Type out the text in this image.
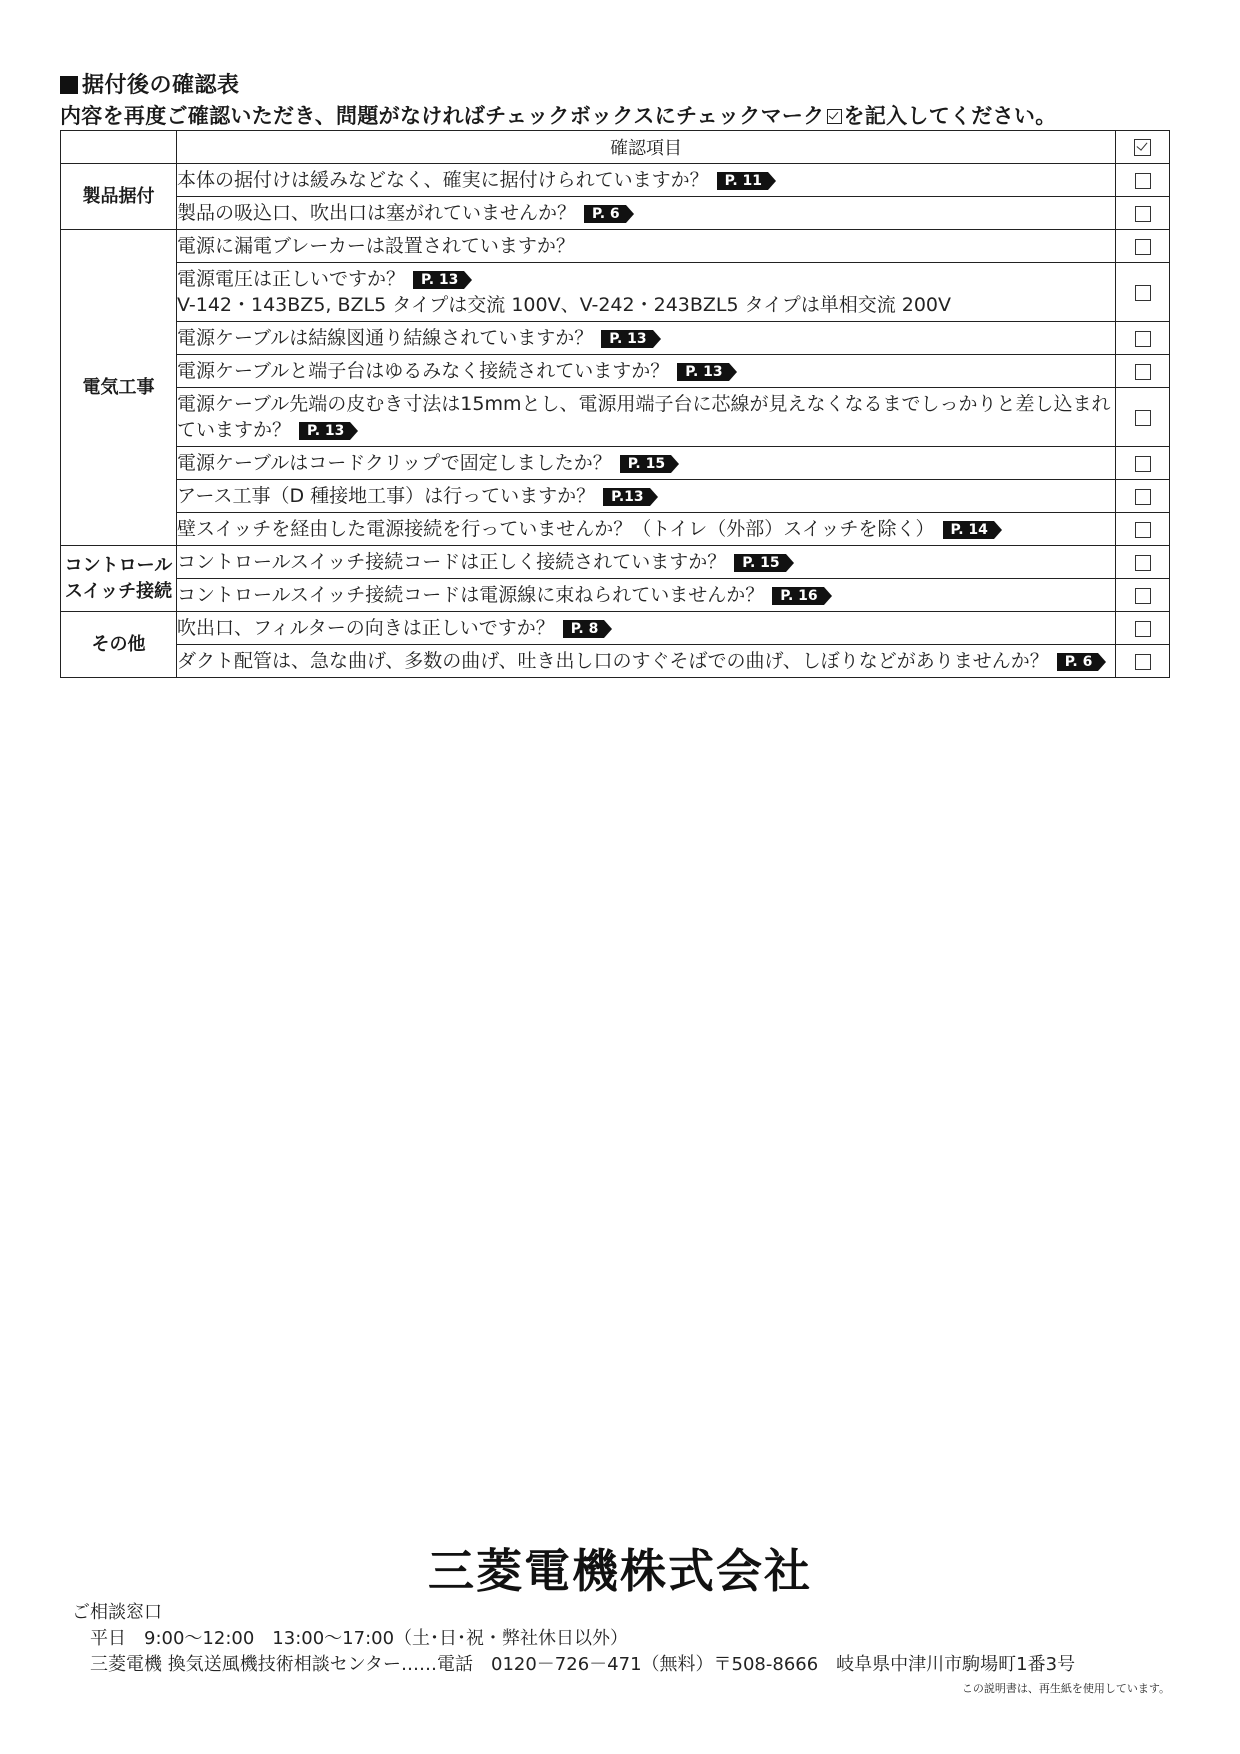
据付後の確認表
内容を再度ご確認いただき、問題がなければチェックボックスにチェックマーク を記入してください。
	確認項目	
製品据付	本体の据付けは緩みなどなく、確実に据付けられていますか？ P. 11	
	製品の吸込口、吹出口は塞がれていませんか？ P. 6	
電気工事	電源に漏電ブレーカーは設置されていますか？	
	電源電圧は正しいですか？ P. 13
V-142・143BZ5, BZL5 タイプは交流 100V、V-242・243BZL5 タイプは単相交流 200V	
	電源ケーブルは結線図通り結線されていますか？ P. 13	
	電源ケーブルと端子台はゆるみなく接続されていますか？ P. 13	
	電源ケーブル先端の皮むき寸法は15mmとし、電源用端子台に芯線が見えなくなるまでしっかりと差し込まれていますか？ P. 13	
	電源ケーブルはコードクリップで固定しましたか？ P. 15	
	アース工事（D 種接地工事）は行っていますか？ P.13	
	壁スイッチを経由した電源接続を行っていませんか？（トイレ（外部）スイッチを除く） P. 14	
コントロール
スイッチ接続	コントロールスイッチ接続コードは正しく接続されていますか？ P. 15	
	コントロールスイッチ接続コードは電源線に束ねられていませんか？ P. 16	
その他	吹出口、フィルターの向きは正しいですか？ P. 8	
	ダクト配管は、急な曲げ、多数の曲げ、吐き出し口のすぐそばでの曲げ、しぼりなどがありませんか？ P. 6	
三菱電機株式会社
ご相談窓口
平日　9:00～12:00　13:00～17:00（土･日･祝・弊社休日以外）
三菱電機 換気送風機技術相談センター……電話　0120－726－471（無料）〒508-8666　岐阜県中津川市駒場町1番3号
この説明書は、再生紙を使用しています。
